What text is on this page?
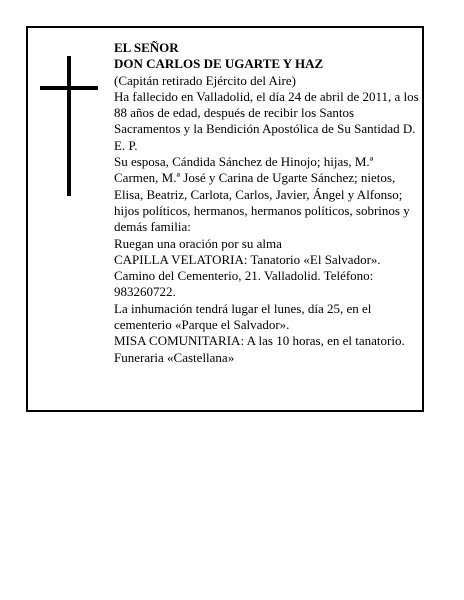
EL SEÑOR

DON CARLOS DE UGARTE Y HAZ

(Capitán retirado Ejército del Aire)

Ha fallecido en Valladolid, el día 24 de abril de 2011, a los 88 años de edad, después de recibir los Santos Sacramentos y la Bendición Apostólica de Su Santidad D. E. P.

Su esposa, Cándida Sánchez de Hinojo; hijas, M.ª Carmen, M.ª José y Carina de Ugarte Sánchez; nietos, Elisa, Beatriz, Carlota, Carlos, Javier, Ángel y Alfonso; hijos políticos, hermanos, hermanos políticos, sobrinos y demás familia:

Ruegan una oración por su alma

CAPILLA VELATORIA: Tanatorio «El Salvador». Camino del Cementerio, 21. Valladolid. Teléfono: 983260722.

La inhumación tendrá lugar el lunes, día 25, en el cementerio «Parque el Salvador».

MISA COMUNITARIA: A las 10 horas, en el tanatorio.

Funeraria «Castellana»
